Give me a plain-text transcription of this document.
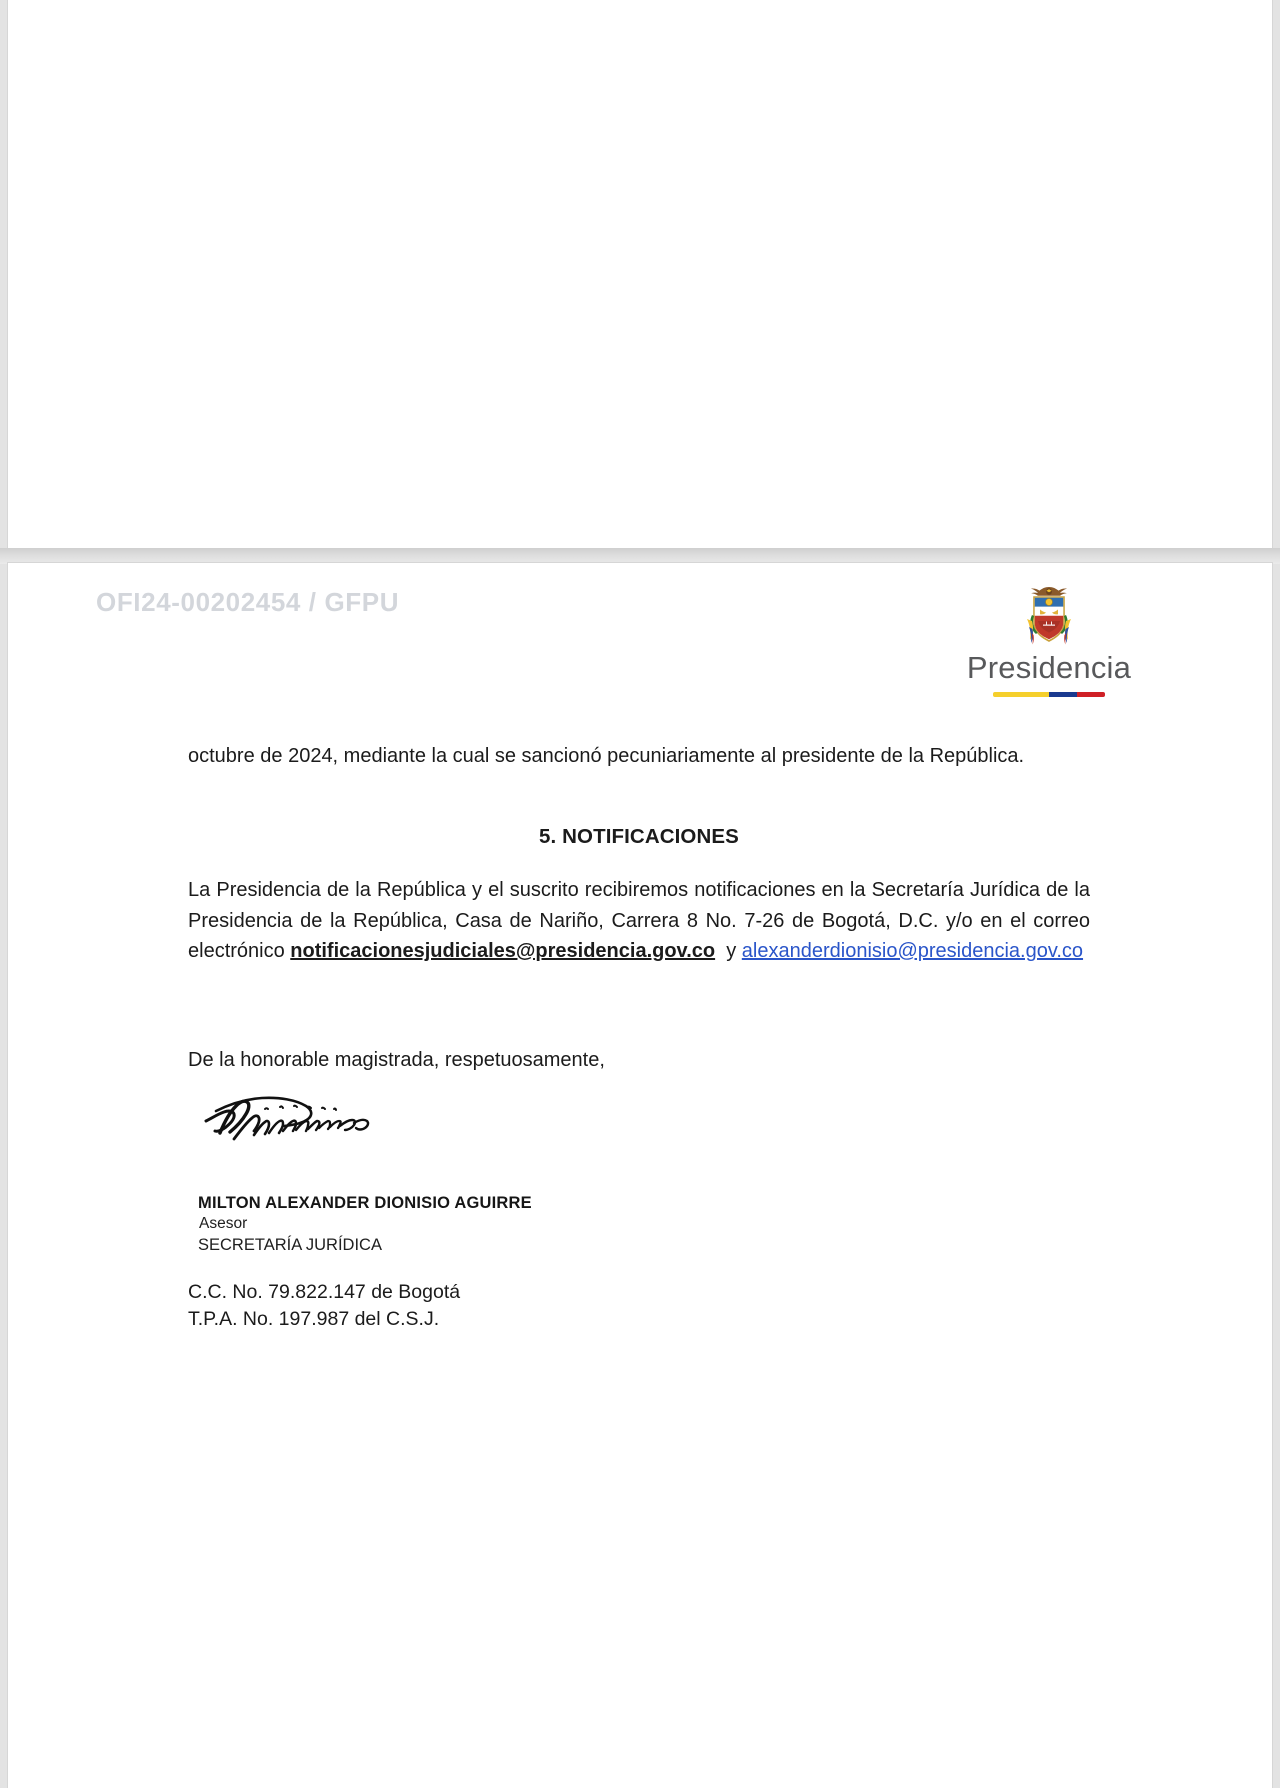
OFI24-00202454 / GFPU
Presidencia
octubre de 2024, mediante la cual se sancionó pecuniariamente al presidente de la República.
5. NOTIFICACIONES
La Presidencia de la República y el suscrito recibiremos notificaciones en la Secretaría Jurídica de la Presidencia de la República, Casa de Nariño, Carrera 8 No. 7-26 de Bogotá, D.C. y/o en el correo electrónico notificacionesjudiciales@presidencia.gov.co y alexanderdionisio@presidencia.gov.co
De la honorable magistrada, respetuosamente,
MILTON ALEXANDER DIONISIO AGUIRRE
Asesor
SECRETARÍA JURÍDICA
C.C. No. 79.822.147 de Bogotá
T.P.A. No. 197.987 del C.S.J.
